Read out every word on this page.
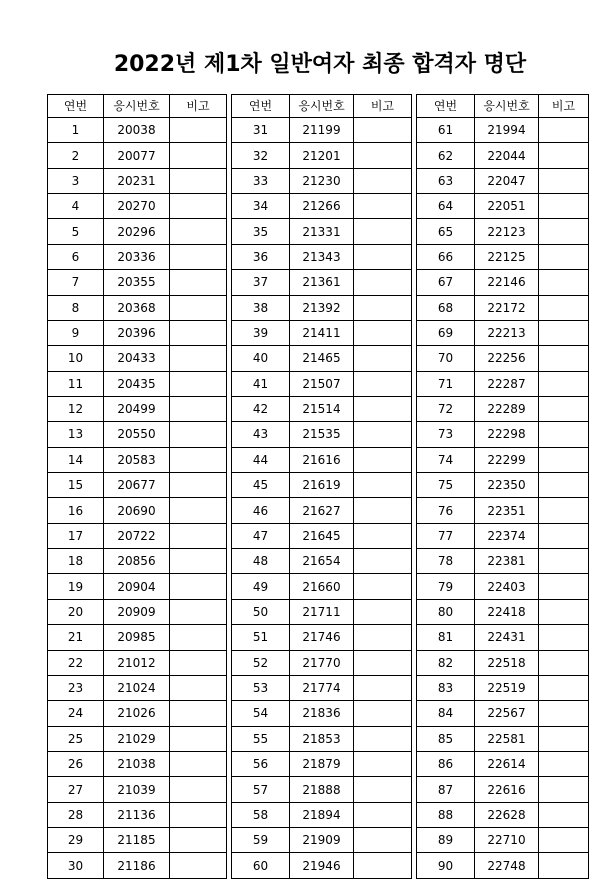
2022년 제1차 일반여자 최종 합격자 명단
연번	응시번호	비고		연번	응시번호	비고		연번	응시번호	비고
1	20038			31	21199			61	21994	
2	20077			32	21201			62	22044	
3	20231			33	21230			63	22047	
4	20270			34	21266			64	22051	
5	20296			35	21331			65	22123	
6	20336			36	21343			66	22125	
7	20355			37	21361			67	22146	
8	20368			38	21392			68	22172	
9	20396			39	21411			69	22213	
10	20433			40	21465			70	22256	
11	20435			41	21507			71	22287	
12	20499			42	21514			72	22289	
13	20550			43	21535			73	22298	
14	20583			44	21616			74	22299	
15	20677			45	21619			75	22350	
16	20690			46	21627			76	22351	
17	20722			47	21645			77	22374	
18	20856			48	21654			78	22381	
19	20904			49	21660			79	22403	
20	20909			50	21711			80	22418	
21	20985			51	21746			81	22431	
22	21012			52	21770			82	22518	
23	21024			53	21774			83	22519	
24	21026			54	21836			84	22567	
25	21029			55	21853			85	22581	
26	21038			56	21879			86	22614	
27	21039			57	21888			87	22616	
28	21136			58	21894			88	22628	
29	21185			59	21909			89	22710	
30	21186			60	21946			90	22748	
